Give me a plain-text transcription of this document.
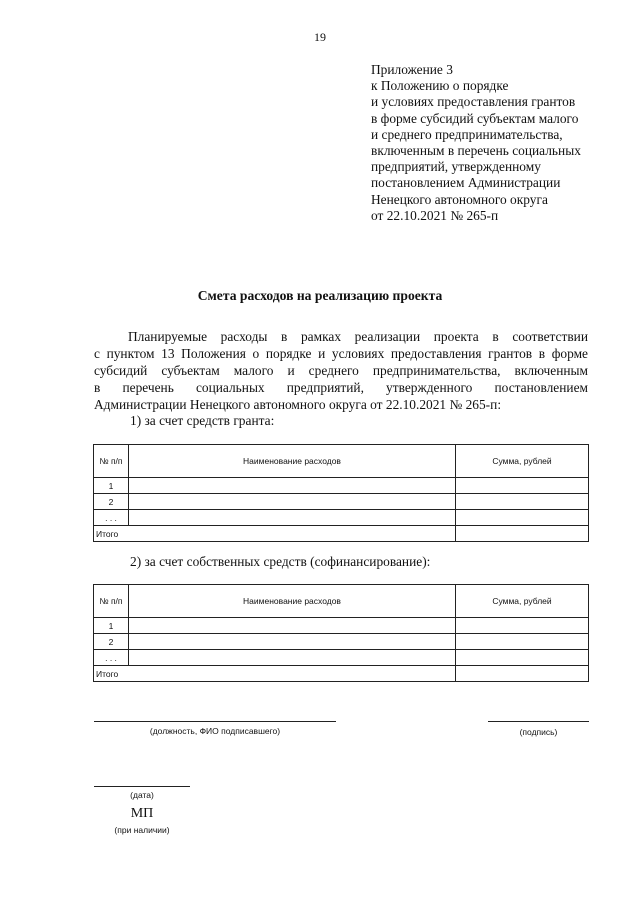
19
Приложение 3
к Положению о порядке
и условиях предоставления грантов
в форме субсидий субъектам малого
и среднего предпринимательства,
включенным в перечень социальных
предприятий, утвержденному
постановлением Администрации
Ненецкого автономного округа
от 22.10.2021 № 265-п
Смета расходов на реализацию проекта
Планируемые расходы в рамках реализации проекта в соответствии
с пунктом 13 Положения о порядке и условиях предоставления грантов в форме
субсидий субъектам малого и среднего предпринимательства, включенным
в перечень социальных предприятий, утвержденного постановлением
Администрации Ненецкого автономного округа от 22.10.2021 № 265-п:
1) за счет средств гранта:
№ п/п	Наименование расходов	Сумма, рублей
1		
2		
. . .		
Итого		
2) за счет собственных средств (софинансирование):
№ п/п	Наименование расходов	Сумма, рублей
1		
2		
. . .		
Итого		
(должность, ФИО подписавшего)	(подпись)
(дата)
МП
(при наличии)
